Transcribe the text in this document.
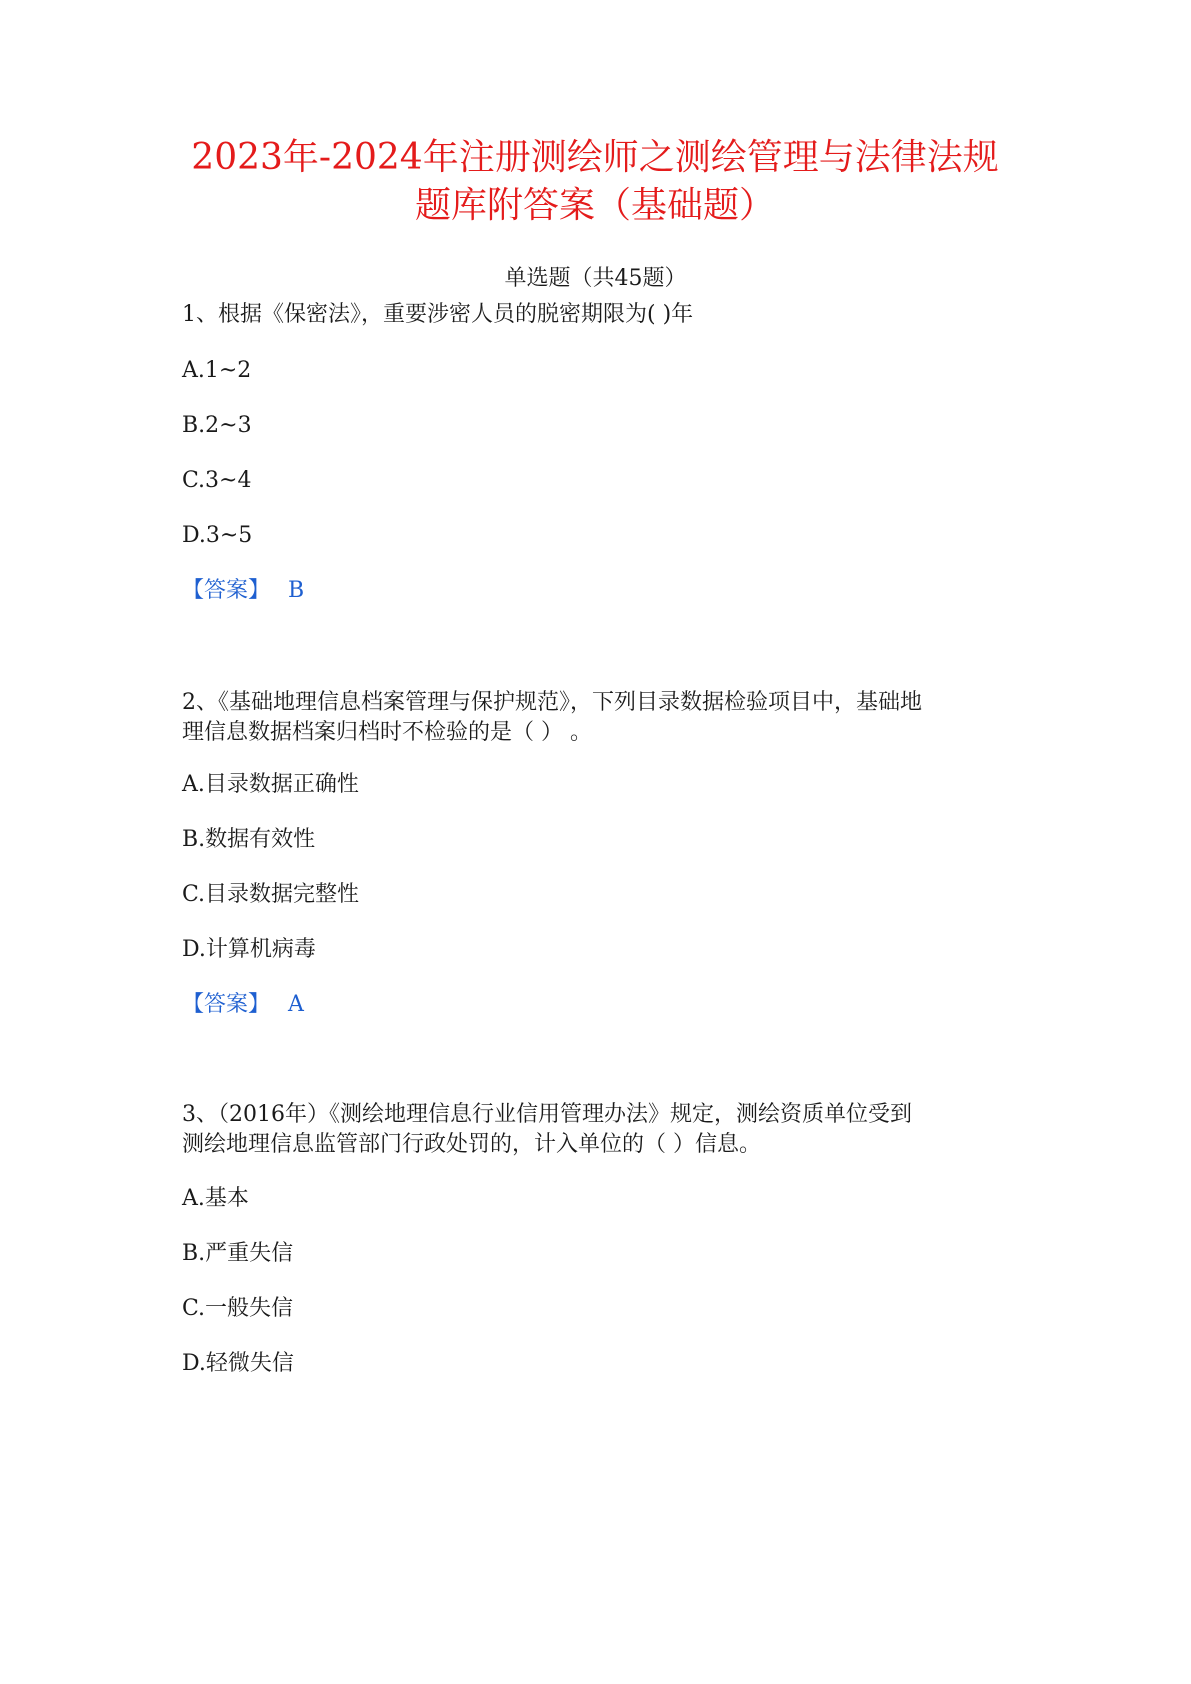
2023年-2024年注册测绘师之测绘管理与法律法规
题库附答案（基础题）
单选题（共45题）
1、根据《保密法》，重要涉密人员的脱密期限为( )年
A.1~2
B.2~3
C.3~4
D.3~5
【答案】 B
2、《基础地理信息档案管理与保护规范》，下列目录数据检验项目中，基础地
理信息数据档案归档时不检验的是（ ） 。
A.目录数据正确性
B.数据有效性
C.目录数据完整性
D.计算机病毒
【答案】 A
3、（2016年）《测绘地理信息行业信用管理办法》规定，测绘资质单位受到
测绘地理信息监管部门行政处罚的，计入单位的（ ）信息。
A.基本
B.严重失信
C.一般失信
D.轻微失信
